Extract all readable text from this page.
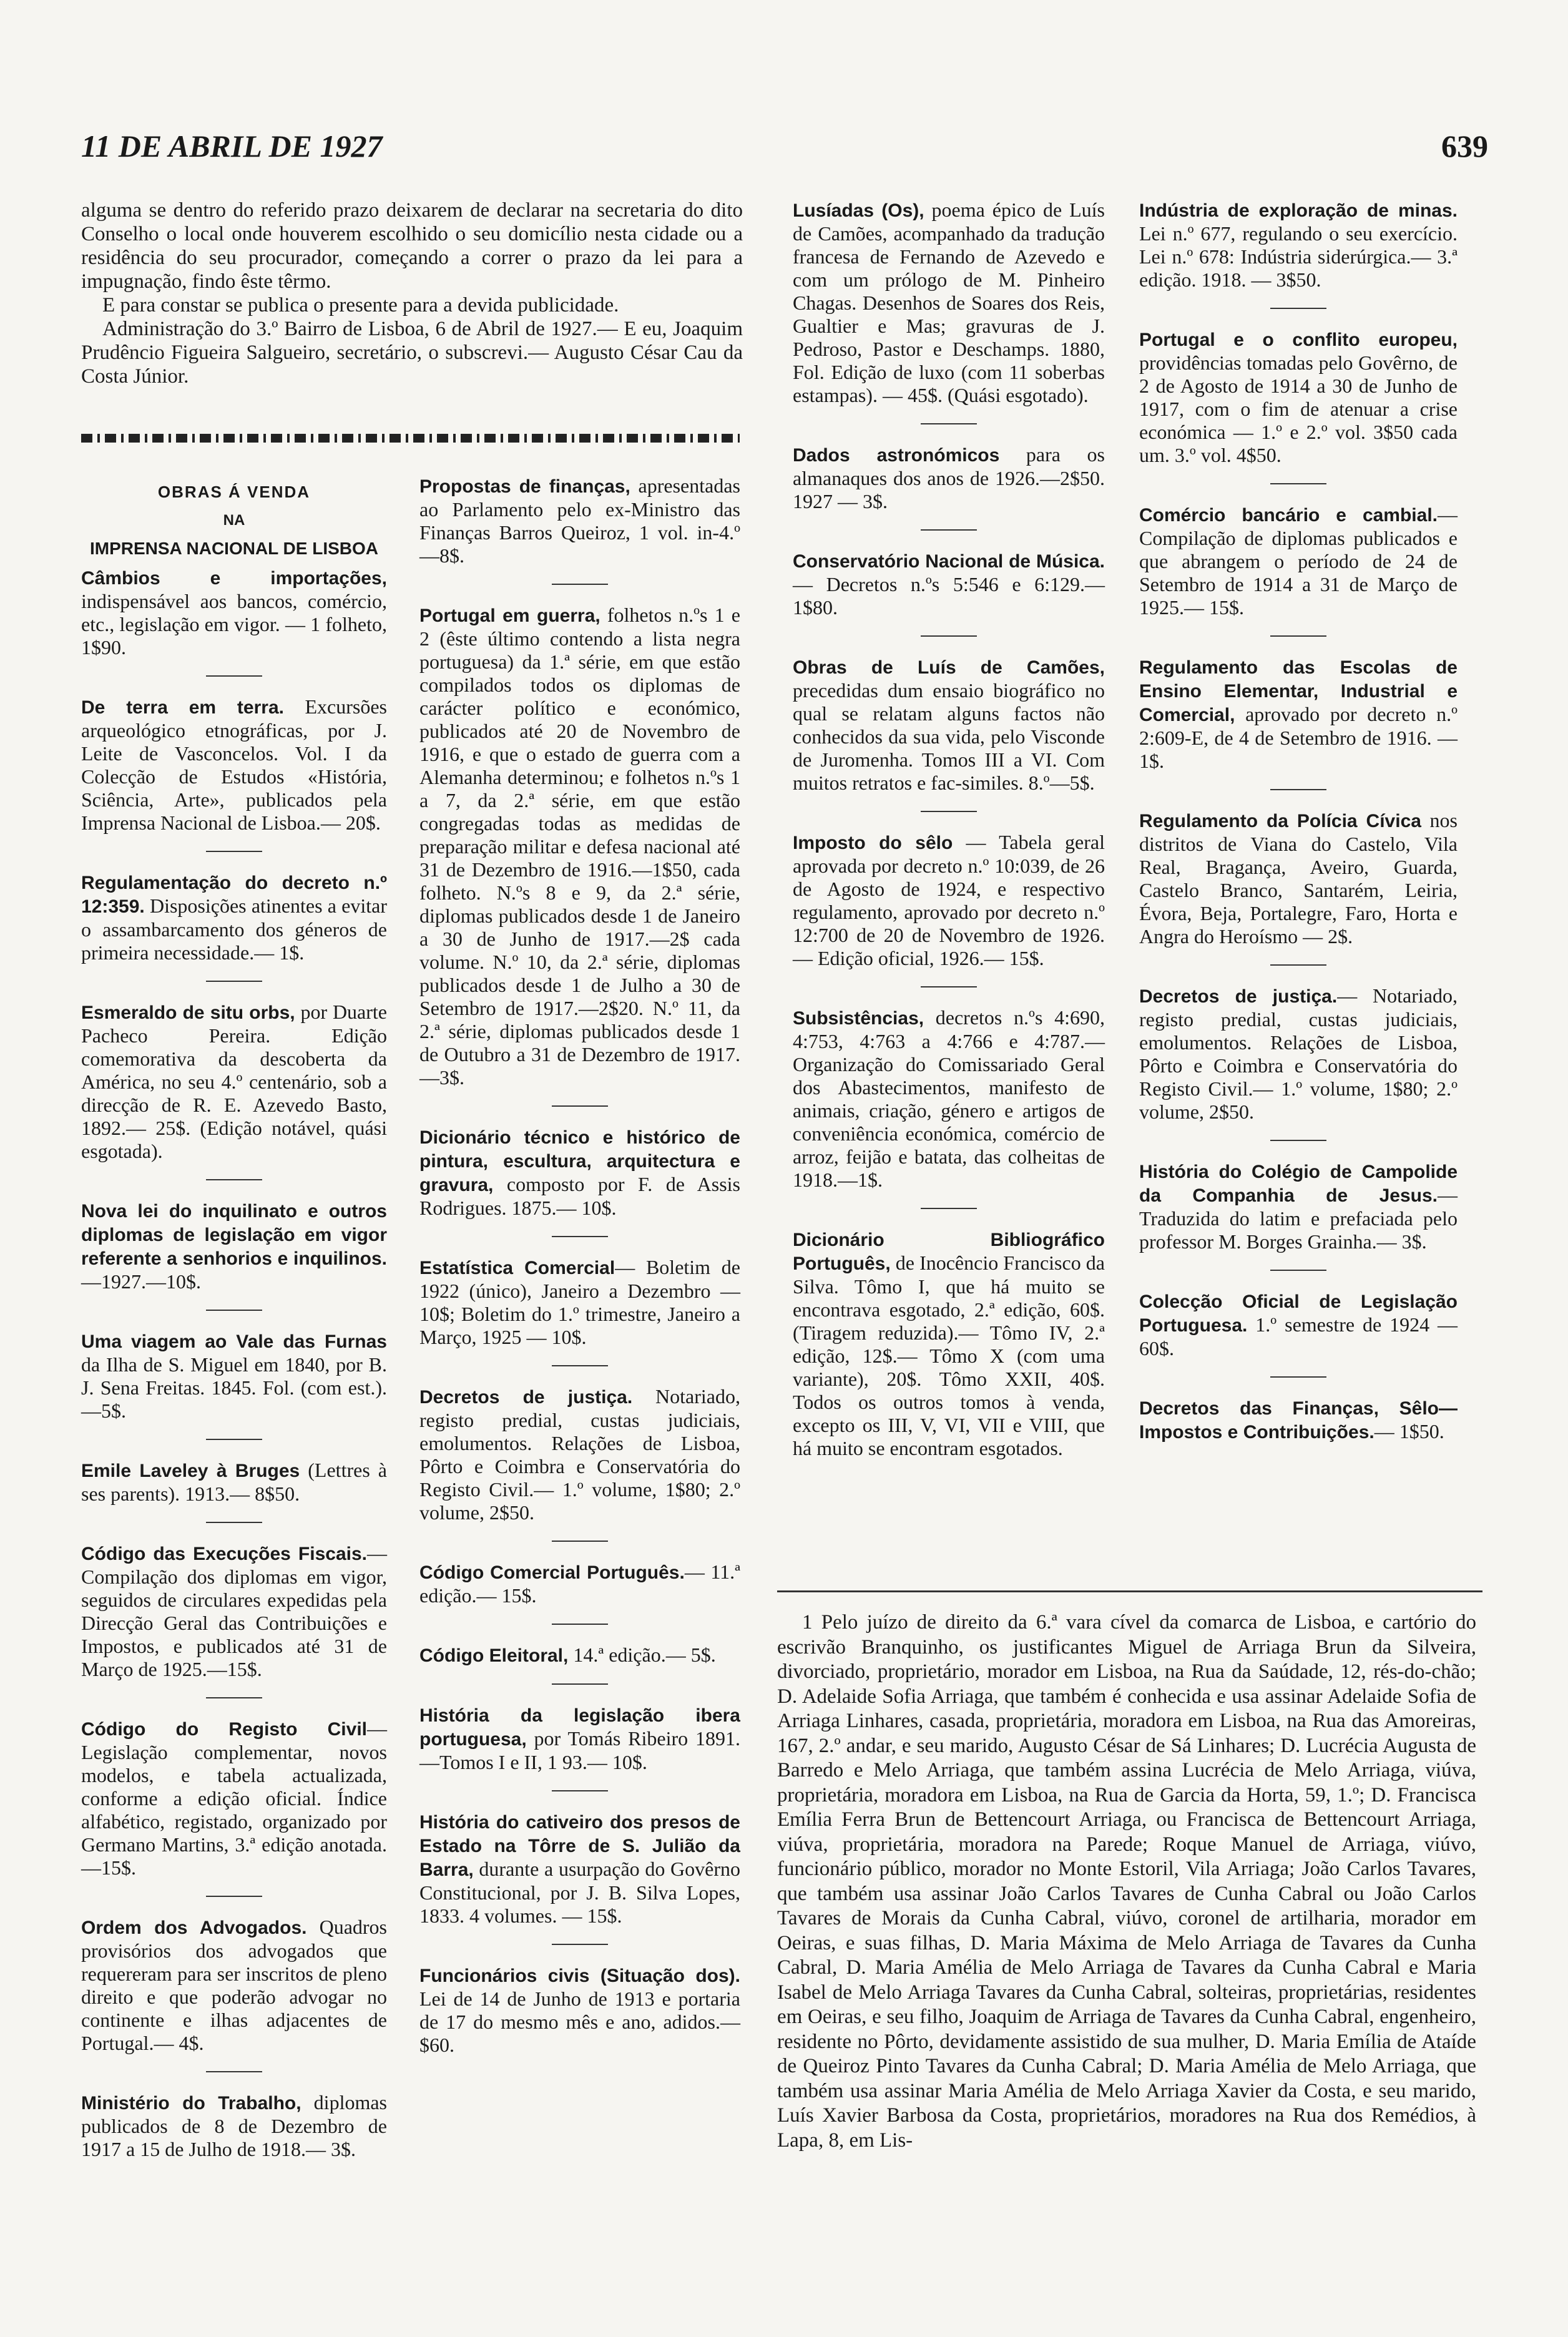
11 DE ABRIL DE 1927	639

alguma se dentro do referido prazo deixarem de declarar na secretaria do dito Conselho o local onde houverem escolhido o seu domicílio nesta cidade ou a residência do seu procurador, começando a correr o prazo da lei para a impugnação, findo êste têrmo.

E para constar se publica o presente para a devida publicidade.

Administração do 3.º Bairro de Lisboa, 6 de Abril de 1927.— E eu, Joaquim Prudêncio Figueira Salgueiro, secretário, o subscrevi.— Augusto César Cau da Costa Júnior.

OBRAS Á VENDA
NA
IMPRENSA NACIONAL DE LISBOA

Câmbios e importações, indispensável aos bancos, comércio, etc., legislação em vigor. — 1 folheto, 1$90.

De terra em terra. Excursões arqueológico etnográficas, por J. Leite de Vasconcelos. Vol. I da Colecção de Estudos «História, Sciência, Arte», publicados pela Imprensa Nacional de Lisboa.— 20$.

Regulamentação do decreto n.º 12:359. Disposições atinentes a evitar o assambarcamento dos géneros de primeira necessidade.— 1$.

Esmeraldo de situ orbs, por Duarte Pacheco Pereira. Edição comemorativa da descoberta da América, no seu 4.º centenário, sob a direcção de R. E. Azevedo Basto, 1892.— 25$. (Edição notável, quási esgotada).

Nova lei do inquilinato e outros diplomas de legislação em vigor referente a senhorios e inquilinos.—1927.—10$.

Uma viagem ao Vale das Furnas da Ilha de S. Miguel em 1840, por B. J. Sena Freitas. 1845. Fol. (com est.).—5$.

Emile Laveley à Bruges (Lettres à ses parents). 1913.— 8$50.

Código das Execuções Fiscais.— Compilação dos diplomas em vigor, seguidos de circulares expedidas pela Direcção Geral das Contribuições e Impostos, e publicados até 31 de Março de 1925.—15$.

Código do Registo Civil—Legislação complementar, novos modelos, e tabela actualizada, conforme a edição oficial. Índice alfabético, registado, organizado por Germano Martins, 3.ª edição anotada.—15$.

Ordem dos Advogados. Quadros provisórios dos advogados que requereram para ser inscritos de pleno direito e que poderão advogar no continente e ilhas adjacentes de Portugal.— 4$.

Ministério do Trabalho, diplomas publicados de 8 de Dezembro de 1917 a 15 de Julho de 1918.— 3$.

Propostas de finanças, apresentadas ao Parlamento pelo ex-Ministro das Finanças Barros Queiroz, 1 vol. in-4.º—8$.

Portugal em guerra, folhetos n.ºs 1 e 2 (êste último contendo a lista negra portuguesa) da 1.ª série, em que estão compilados todos os diplomas de carácter político e económico, publicados até 20 de Novembro de 1916, e que o estado de guerra com a Alemanha determinou; e folhetos n.ºs 1 a 7, da 2.ª série, em que estão congregadas todas as medidas de preparação militar e defesa nacional até 31 de Dezembro de 1916.—1$50, cada folheto. N.ºs 8 e 9, da 2.ª série, diplomas publicados desde 1 de Janeiro a 30 de Junho de 1917.—2$ cada volume. N.º 10, da 2.ª série, diplomas publicados desde 1 de Julho a 30 de Setembro de 1917.—2$20. N.º 11, da 2.ª série, diplomas publicados desde 1 de Outubro a 31 de Dezembro de 1917.—3$.

Dicionário técnico e histórico de pintura, escultura, arquitectura e gravura, composto por F. de Assis Rodrigues. 1875.— 10$.

Estatística Comercial— Boletim de 1922 (único), Janeiro a Dezembro — 10$; Boletim do 1.º trimestre, Janeiro a Março, 1925 — 10$.

Decretos de justiça. Notariado, registo predial, custas judiciais, emolumentos. Relações de Lisboa, Pôrto e Coimbra e Conservatória do Registo Civil.— 1.º volume, 1$80; 2.º volume, 2$50.

Código Comercial Português.— 11.ª edição.— 15$.

Código Eleitoral, 14.ª edição.— 5$.

História da legislação ibera portuguesa, por Tomás Ribeiro 1891.—Tomos I e II, 1 93.— 10$.

História do cativeiro dos presos de Estado na Tôrre de S. Julião da Barra, durante a usurpação do Govêrno Constitucional, por J. B. Silva Lopes, 1833. 4 volumes. — 15$.

Funcionários civis (Situação dos). Lei de 14 de Junho de 1913 e portaria de 17 do mesmo mês e ano, adidos.—$60.

Lusíadas (Os), poema épico de Luís de Camões, acompanhado da tradução francesa de Fernando de Azevedo e com um prólogo de M. Pinheiro Chagas. Desenhos de Soares dos Reis, Gualtier e Mas; gravuras de J. Pedroso, Pastor e Deschamps. 1880, Fol. Edição de luxo (com 11 soberbas estampas). — 45$. (Quási esgotado).

Dados astronómicos para os almanaques dos anos de 1926.—2$50. 1927 — 3$.

Conservatório Nacional de Música.— Decretos n.ºs 5:546 e 6:129.—1$80.

Obras de Luís de Camões, precedidas dum ensaio biográfico no qual se relatam alguns factos não conhecidos da sua vida, pelo Visconde de Juromenha. Tomos III a VI. Com muitos retratos e fac-similes. 8.º—5$.

Imposto do sêlo — Tabela geral aprovada por decreto n.º 10:039, de 26 de Agosto de 1924, e respectivo regulamento, aprovado por decreto n.º 12:700 de 20 de Novembro de 1926.— Edição oficial, 1926.— 15$.

Subsistências, decretos n.ºs 4:690, 4:753, 4:763 a 4:766 e 4:787.—Organização do Comissariado Geral dos Abastecimentos, manifesto de animais, criação, género e artigos de conveniência económica, comércio de arroz, feijão e batata, das colheitas de 1918.—1$.

Dicionário Bibliográfico Português, de Inocêncio Francisco da Silva. Tômo I, que há muito se encontrava esgotado, 2.ª edição, 60$. (Tiragem reduzida).— Tômo IV, 2.ª edição, 12$.— Tômo X (com uma variante), 20$. Tômo XXII, 40$. Todos os outros tomos à venda, excepto os III, V, VI, VII e VIII, que há muito se encontram esgotados.

Indústria de exploração de minas. Lei n.º 677, regulando o seu exercício. Lei n.º 678: Indústria siderúrgica.— 3.ª edição. 1918. — 3$50.

Portugal e o conflito europeu, providências tomadas pelo Govêrno, de 2 de Agosto de 1914 a 30 de Junho de 1917, com o fim de atenuar a crise económica — 1.º e 2.º vol. 3$50 cada um. 3.º vol. 4$50.

Comércio bancário e cambial.—Compilação de diplomas publicados e que abrangem o período de 24 de Setembro de 1914 a 31 de Março de 1925.— 15$.

Regulamento das Escolas de Ensino Elementar, Industrial e Comercial, aprovado por decreto n.º 2:609-E, de 4 de Setembro de 1916. — 1$.

Regulamento da Polícia Cívica nos distritos de Viana do Castelo, Vila Real, Bragança, Aveiro, Guarda, Castelo Branco, Santarém, Leiria, Évora, Beja, Portalegre, Faro, Horta e Angra do Heroísmo — 2$.

Decretos de justiça.— Notariado, registo predial, custas judiciais, emolumentos. Relações de Lisboa, Pôrto e Coimbra e Conservatória do Registo Civil.— 1.º volume, 1$80; 2.º volume, 2$50.

História do Colégio de Campolide da Companhia de Jesus.— Traduzida do latim e prefaciada pelo professor M. Borges Grainha.— 3$.

Colecção Oficial de Legislação Portuguesa. 1.º semestre de 1924 — 60$.

Decretos das Finanças, Sêlo— Impostos e Contribuições.— 1$50.

1 Pelo juízo de direito da 6.ª vara cível da comarca de Lisboa, e cartório do escrivão Branquinho, os justificantes Miguel de Arriaga Brun da Silveira, divorciado, proprietário, morador em Lisboa, na Rua da Saúdade, 12, rés-do-chão; D. Adelaide Sofia Arriaga, que também é conhecida e usa assinar Adelaide Sofia de Arriaga Linhares, casada, proprietária, moradora em Lisboa, na Rua das Amoreiras, 167, 2.º andar, e seu marido, Augusto César de Sá Linhares; D. Lucrécia Augusta de Barredo e Melo Arriaga, que também assina Lucrécia de Melo Arriaga, viúva, proprietária, moradora em Lisboa, na Rua de Garcia da Horta, 59, 1.º; D. Francisca Emília Ferra Brun de Bettencourt Arriaga, ou Francisca de Bettencourt Arriaga, viúva, proprietária, moradora na Parede; Roque Manuel de Arriaga, viúvo, funcionário público, morador no Monte Estoril, Vila Arriaga; João Carlos Tavares, que também usa assinar João Carlos Tavares de Cunha Cabral ou João Carlos Tavares de Morais da Cunha Cabral, viúvo, coronel de artilharia, morador em Oeiras, e suas filhas, D. Maria Máxima de Melo Arriaga de Tavares da Cunha Cabral, D. Maria Amélia de Melo Arriaga de Tavares da Cunha Cabral e Maria Isabel de Melo Arriaga Tavares da Cunha Cabral, solteiras, proprietárias, residentes em Oeiras, e seu filho, Joaquim de Arriaga de Tavares da Cunha Cabral, engenheiro, residente no Pôrto, devidamente assistido de sua mulher, D. Maria Emília de Ataíde de Queiroz Pinto Tavares da Cunha Cabral; D. Maria Amélia de Melo Arriaga, que também usa assinar Maria Amélia de Melo Arriaga Xavier da Costa, e seu marido, Luís Xavier Barbosa da Costa, proprietários, moradores na Rua dos Remédios, à Lapa, 8, em Lis-
